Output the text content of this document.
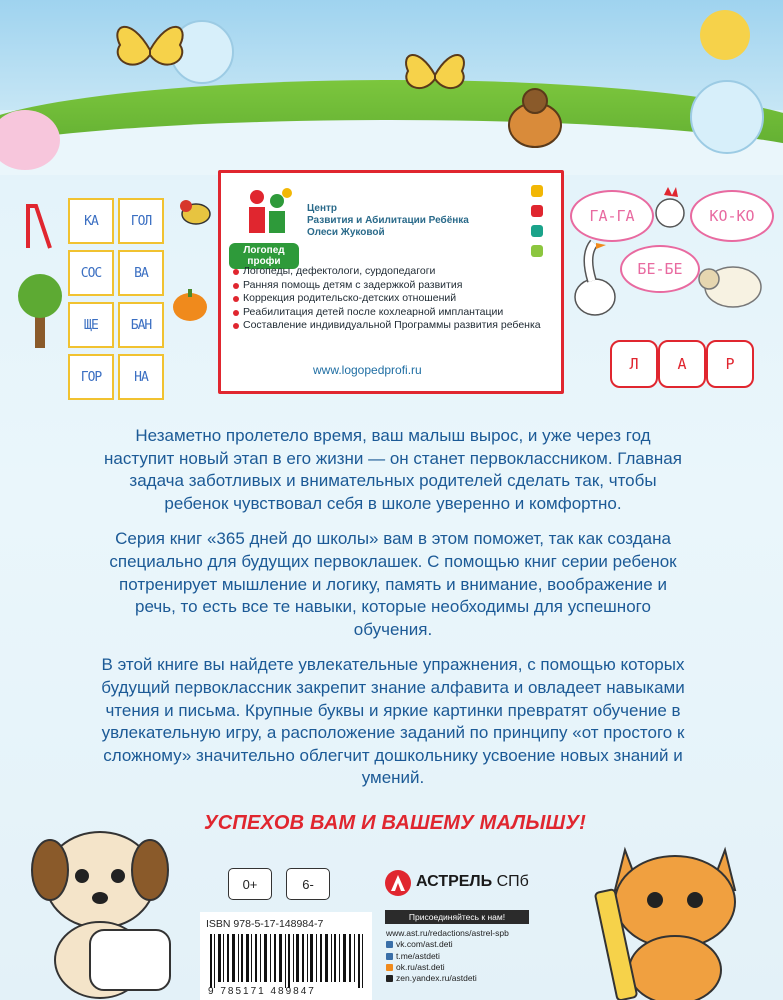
КА	ГОЛ
СОС	ВА
ЩЕ	БАН
ГОР	НА
Логопед профи
Центр
Развития и Абилитации Ребёнка
Олеси Жуковой
Логопеды, дефектологи, сурдопедагоги
Ранняя помощь детям с задержкой развития
Коррекция родительско-детских отношений
Реабилитация детей после кохлеарной имплантации
Составление индивидуальной Программы развития ребенка
www.logopedprofi.ru
ГА-ГА	КО-КО
БЕ-БЕ
Л	А	Р

Незаметно пролетело время, ваш малыш вырос, и уже через год наступит новый этап в его жизни — он станет первоклассником. Главная задача заботливых и внимательных родителей сделать так, чтобы ребенок чувствовал себя в школе уверенно и комфортно.

Серия книг «365 дней до школы» вам в этом поможет, так как создана специально для будущих первоклашек. С помощью книг серии ребенок потренирует мышление и логику, память и внимание, воображение и речь, то есть все те навыки, которые необходимы для успешного обучения.

В этой книге вы найдете увлекательные упражнения, с помощью которых будущий первоклассник закрепит знание алфавита и овладеет навыками чтения и письма. Крупные буквы и яркие картинки превратят обучение в увлекательную игру, а расположение заданий по принципу «от простого к сложному» значительно облегчит дошкольнику усвоение новых знаний и умений.

УСПЕХОВ ВАМ И ВАШЕМУ МАЛЫШУ!
0+	6-
ISBN 978-5-17-148984-7
9 785171 489847
АСТРЕЛЬ СПб
Присоединяйтесь к нам!
www.ast.ru/redactions/astrel-spb
vk.com/ast.deti
t.me/astdeti
ok.ru/ast.deti
zen.yandex.ru/astdeti
